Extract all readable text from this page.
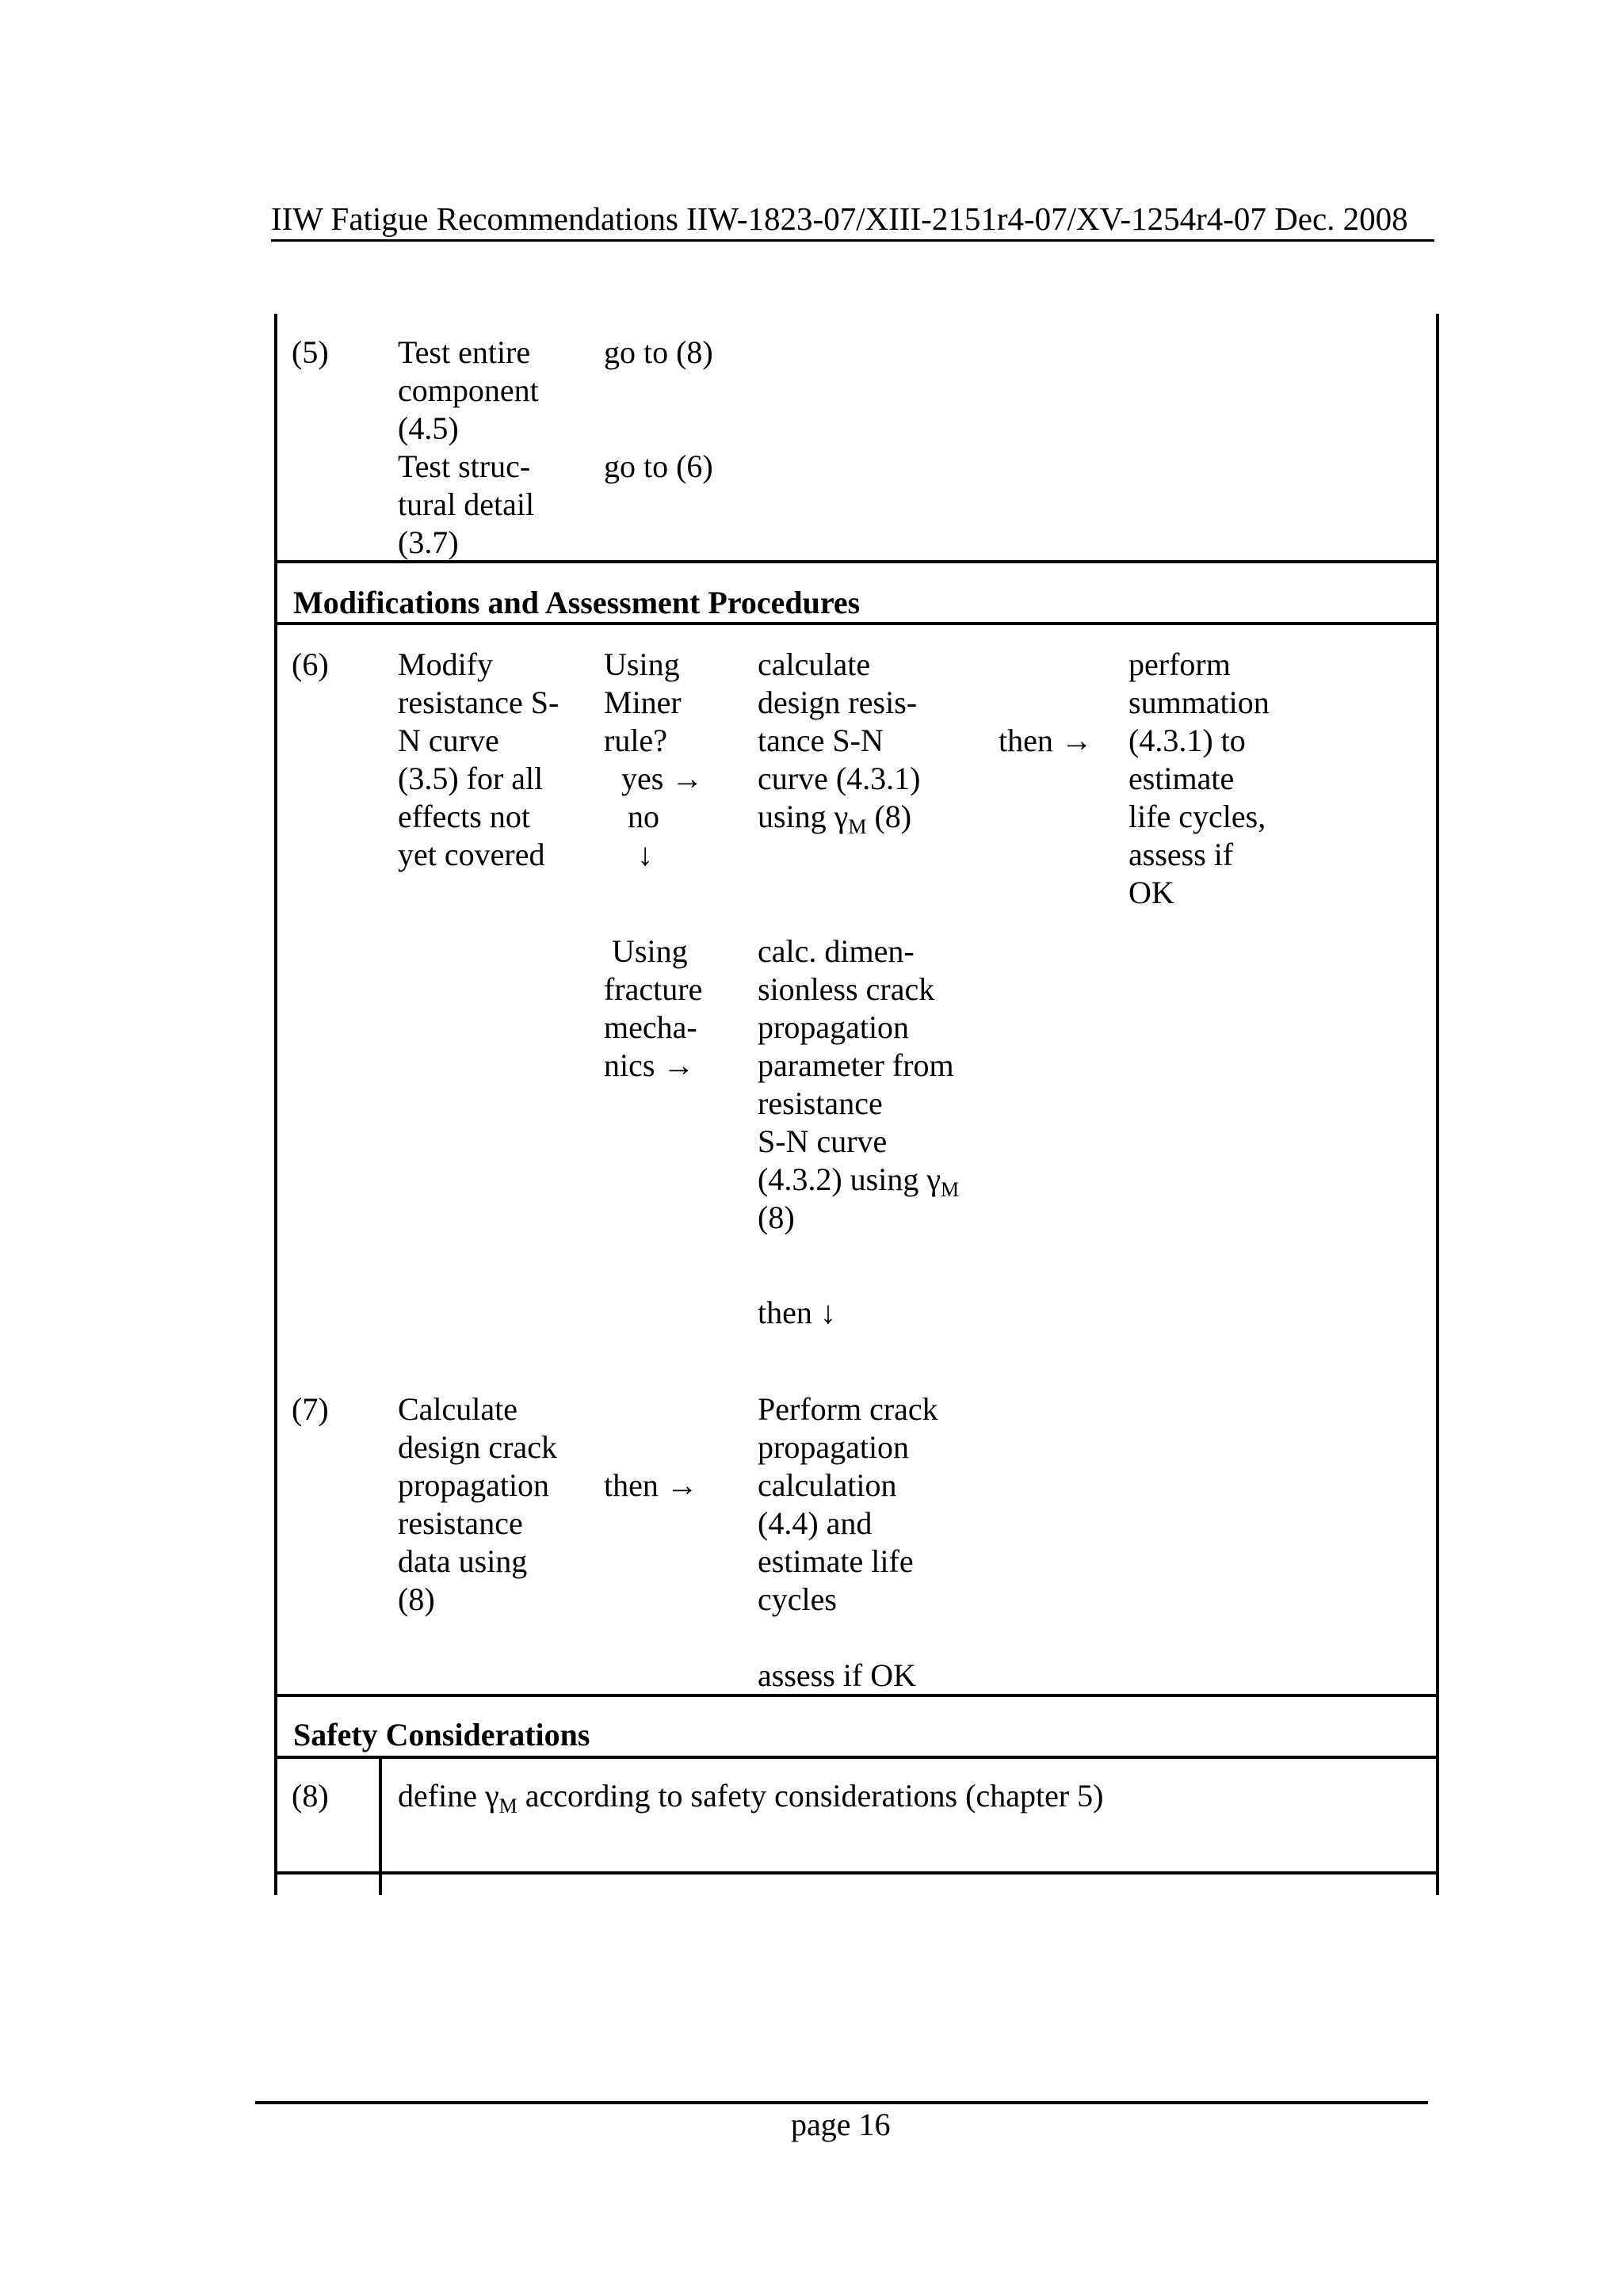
IIW Fatigue Recommendations IIW-1823-07/XIII-2151r4-07/XV-1254r4-07 Dec. 2008
(5) Test entire
component
(4.5)
Test struc-
tural detail
(3.7)
go to (8)
go to (6)
Modifications and Assessment Procedures
(6) Modify
resistance S-
N curve
(3.5) for all
effects not
yet covered
Using
Miner
rule?
yes →
no
↓
calculate
design resis-
tance S-N
curve (4.3.1)
using $\gamma_M$ (8)
then →
perform
summation
(4.3.1) to
estimate
life cycles,
assess if
OK
Using
fracture
mecha-
nics →
calc. dimen-
sionless crack
propagation
parameter from
resistance
S-N curve
(4.3.2) using $\gamma_M$
(8)
then ↓
(7) Calculate
design crack
propagation
resistance
data using
(8)
then →
Perform crack
propagation
calculation
(4.4) and
estimate life
cycles
assess if OK
Safety Considerations
(8) define $\gamma_M$ according to safety considerations (chapter 5)
page 16
